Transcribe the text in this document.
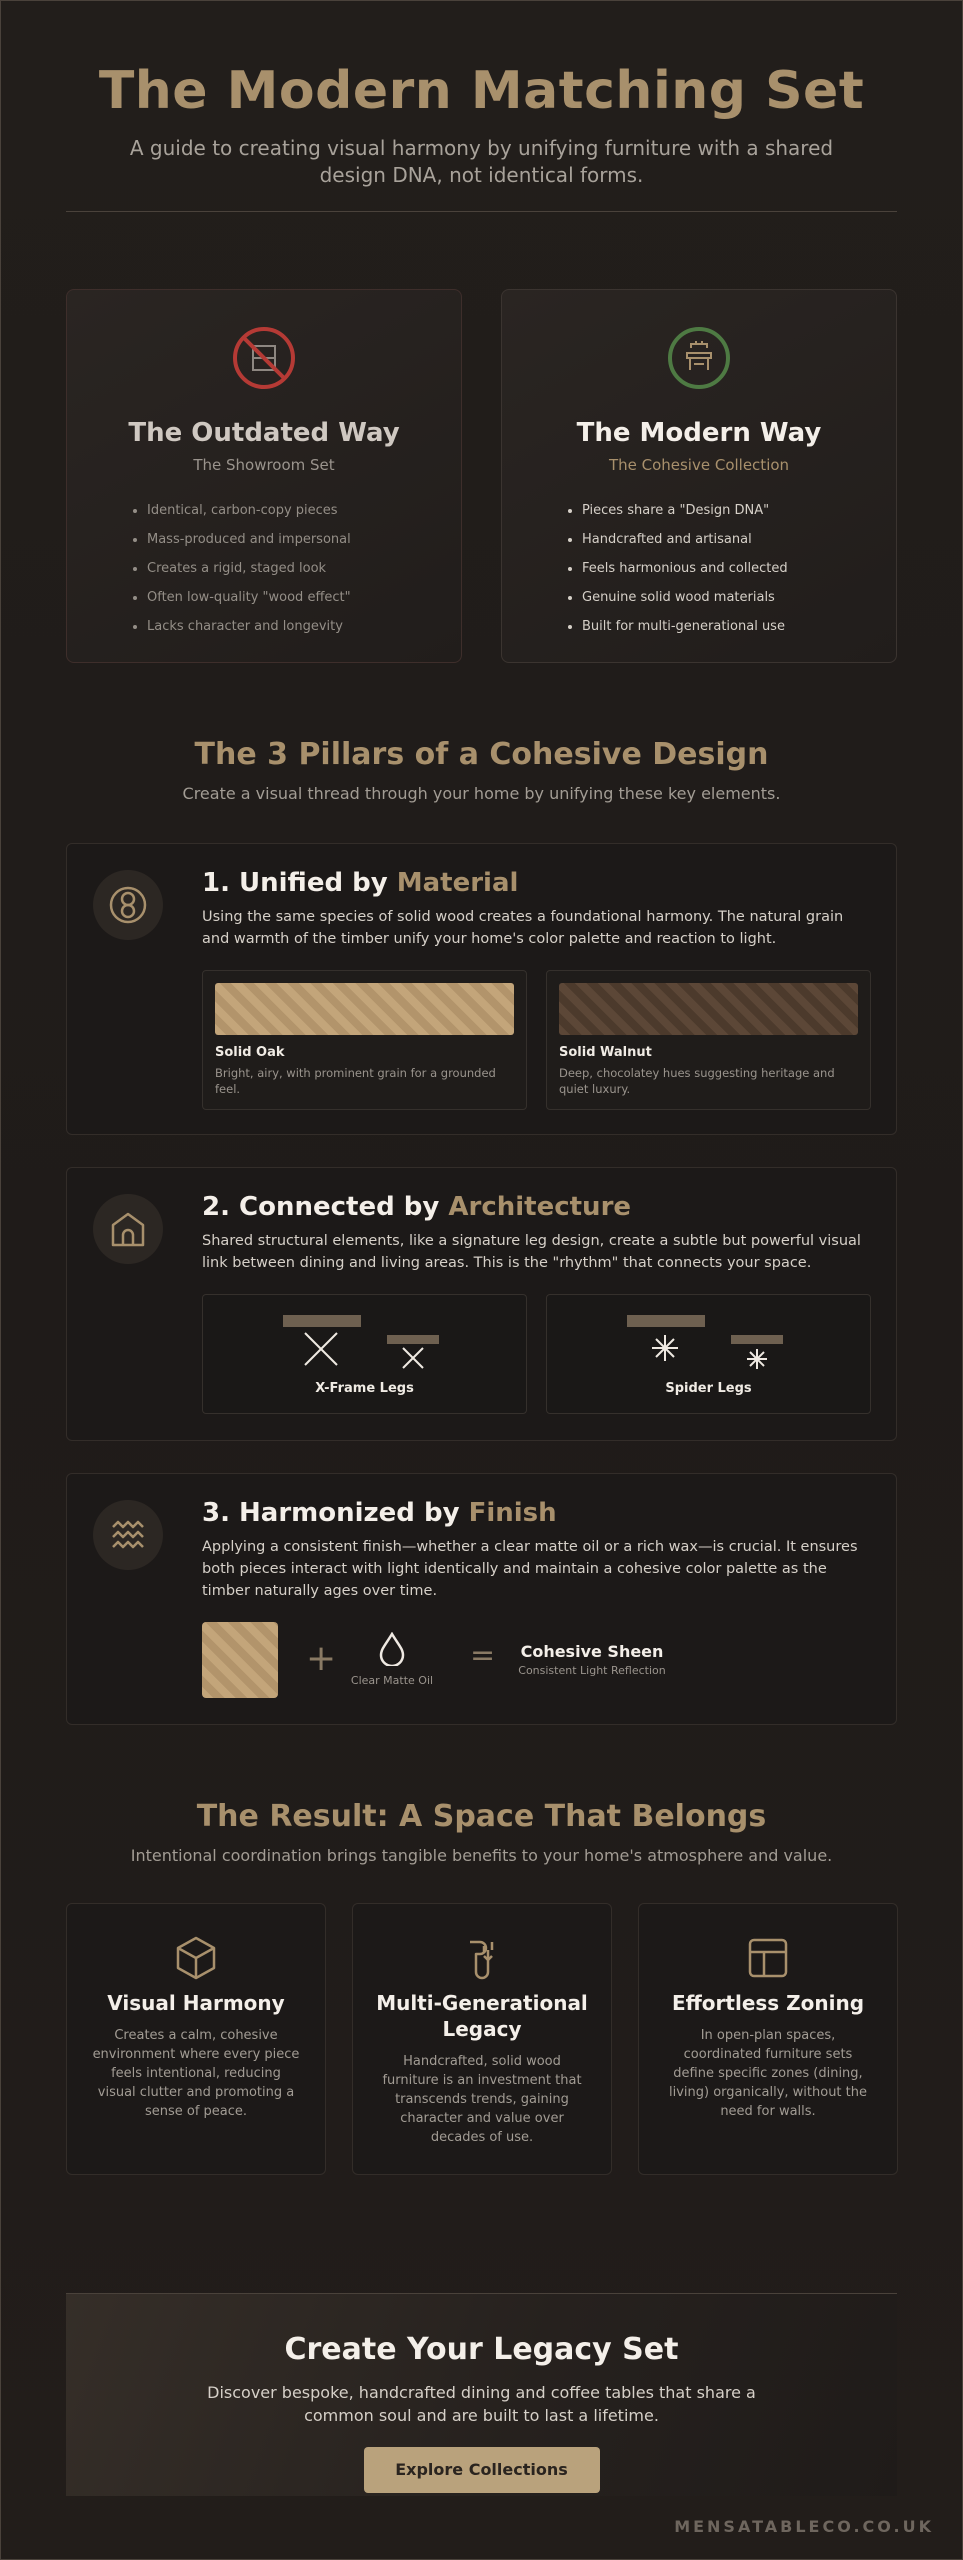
The Modern Matching Set

A guide to creating visual harmony by unifying furniture with a shared design DNA, not identical forms.

The Outdated Way
The Showroom Set
• Identical, carbon-copy pieces
• Mass-produced and impersonal
• Creates a rigid, staged look
• Often low-quality "wood effect"
• Lacks character and longevity
The Modern Way
The Cohesive Collection
• Pieces share a "Design DNA"
• Handcrafted and artisanal
• Feels harmonious and collected
• Genuine solid wood materials
• Built for multi-generational use
The 3 Pillars of a Cohesive Design

Create a visual thread through your home by unifying these key elements.

1. Unified by Material

Using the same species of solid wood creates a foundational harmony. The natural grain and warmth of the timber unify your home's color palette and reaction to light.

Solid Oak
Bright, airy, with prominent grain for a grounded feel.
Solid Walnut
Deep, chocolatey hues suggesting heritage and quiet luxury.
2. Connected by Architecture

Shared structural elements, like a signature leg design, create a subtle but powerful visual link between dining and living areas. This is the "rhythm" that connects your space.

X-Frame Legs	Spider Legs
3. Harmonized by Finish

Applying a consistent finish—whether a clear matte oil or a rich wax—is crucial. It ensures both pieces interact with light identically and maintain a cohesive color palette as the timber naturally ages over time.

+
Clear Matte Oil
=	Cohesive Sheen
Consistent Light Reflection
The Result: A Space That Belongs

Intentional coordination brings tangible benefits to your home's atmosphere and value.

Visual Harmony

Creates a calm, cohesive environment where every piece feels intentional, reducing visual clutter and promoting a sense of peace.

Multi-Generational Legacy

Handcrafted, solid wood furniture is an investment that transcends trends, gaining character and value over decades of use.

Effortless Zoning

In open-plan spaces, coordinated furniture sets define specific zones (dining, living) organically, without the need for walls.

Create Your Legacy Set

Discover bespoke, handcrafted dining and coffee tables that share a common soul and are built to last a lifetime.

Explore Collections
MENSATABLECO.CO.UK
